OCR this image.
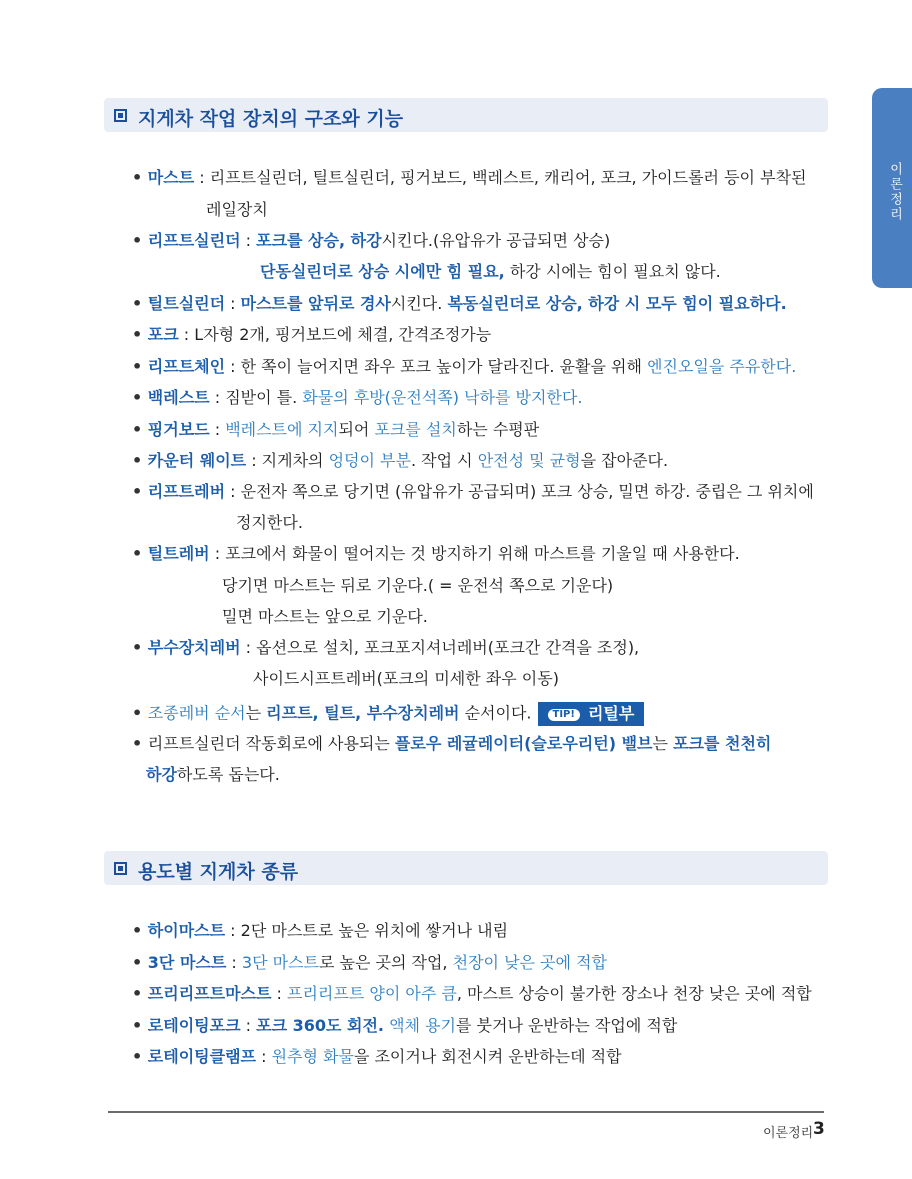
이론정리
지게차 작업 장치의 구조와 기능
• 마스트 : 리프트실린더, 틸트실린더, 핑거보드, 백레스트, 캐리어, 포크, 가이드롤러 등이 부착된
레일장치
• 리프트실린더 : 포크를 상승, 하강시킨다.(유압유가 공급되면 상승)
단동실린더로 상승 시에만 힘 필요, 하강 시에는 힘이 필요치 않다.
• 틸트실린더 : 마스트를 앞뒤로 경사시킨다. 복동실린더로 상승, 하강 시 모두 힘이 필요하다.
• 포크 : L자형 2개, 핑거보드에 체결, 간격조정가능
• 리프트체인 : 한 쪽이 늘어지면 좌우 포크 높이가 달라진다. 윤활을 위해 엔진오일을 주유한다.
• 백레스트 : 짐받이 틀. 화물의 후방(운전석쪽) 낙하를 방지한다.
• 핑거보드 : 백레스트에 지지되어 포크를 설치하는 수평판
• 카운터 웨이트 : 지게차의 엉덩이 부분. 작업 시 안전성 및 균형을 잡아준다.
• 리프트레버 : 운전자 쪽으로 당기면 (유압유가 공급되며) 포크 상승, 밀면 하강. 중립은 그 위치에
정지한다.
• 틸트레버 : 포크에서 화물이 떨어지는 것 방지하기 위해 마스트를 기울일 때 사용한다.
당기면 마스트는 뒤로 기운다.( = 운전석 쪽으로 기운다)
밀면 마스트는 앞으로 기운다.
• 부수장치레버 : 옵션으로 설치, 포크포지셔너레버(포크간 간격을 조정),
사이드시프트레버(포크의 미세한 좌우 이동)
• 조종레버 순서는 리프트, 틸트, 부수장치레버 순서이다. TIP! 리틸부
• 리프트실린더 작동회로에 사용되는 플로우 레귤레이터(슬로우리턴) 밸브는 포크를 천천히
하강하도록 돕는다.
용도별 지게차 종류
• 하이마스트 : 2단 마스트로 높은 위치에 쌓거나 내림
• 3단 마스트 : 3단 마스트로 높은 곳의 작업, 천장이 낮은 곳에 적합
• 프리리프트마스트 : 프리리프트 양이 아주 큼, 마스트 상승이 불가한 장소나 천장 낮은 곳에 적합
• 로테이팅포크 : 포크 360도 회전. 액체 용기를 붓거나 운반하는 작업에 적합
• 로테이팅클램프 : 원추형 화물을 조이거나 회전시켜 운반하는데 적합
이론정리 3
